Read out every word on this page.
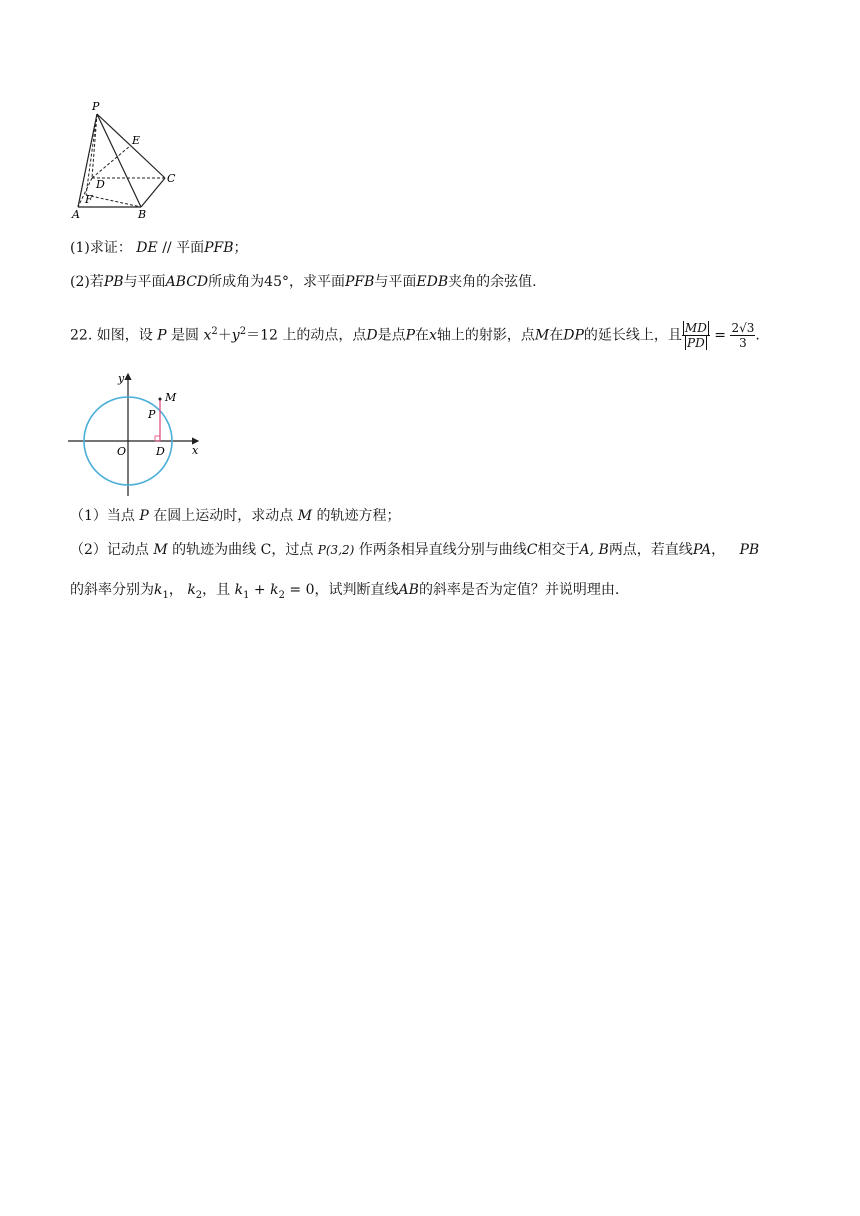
P
E
C
D
F
A	B
(1)求证： DE // 平面PFB；
(2)若PB与平面ABCD所成角为45°，求平面PFB与平面EDB夹角的余弦值.
22. 如图，设 P 是圆 $x^2+y^2=12$ 上的动点，点D是点P在x轴上的射影，点M在DP的延长线上，且 $\frac{MD}{PD} = \frac{2√3}{3}$ .
y
M
P
O	D x
（1）当点 P 在圆上运动时，求动点 M 的轨迹方程；
（2）记动点 M 的轨迹为曲线 C，过点 P(3,2) 作两条相异直线分别与曲线C相交于A, B两点，若直线PA， PB
的斜率分别为$k_1$， $k_2$，且 $k_1 + k_2 = 0$，试判断直线AB的斜率是否为定值？并说明理由.
